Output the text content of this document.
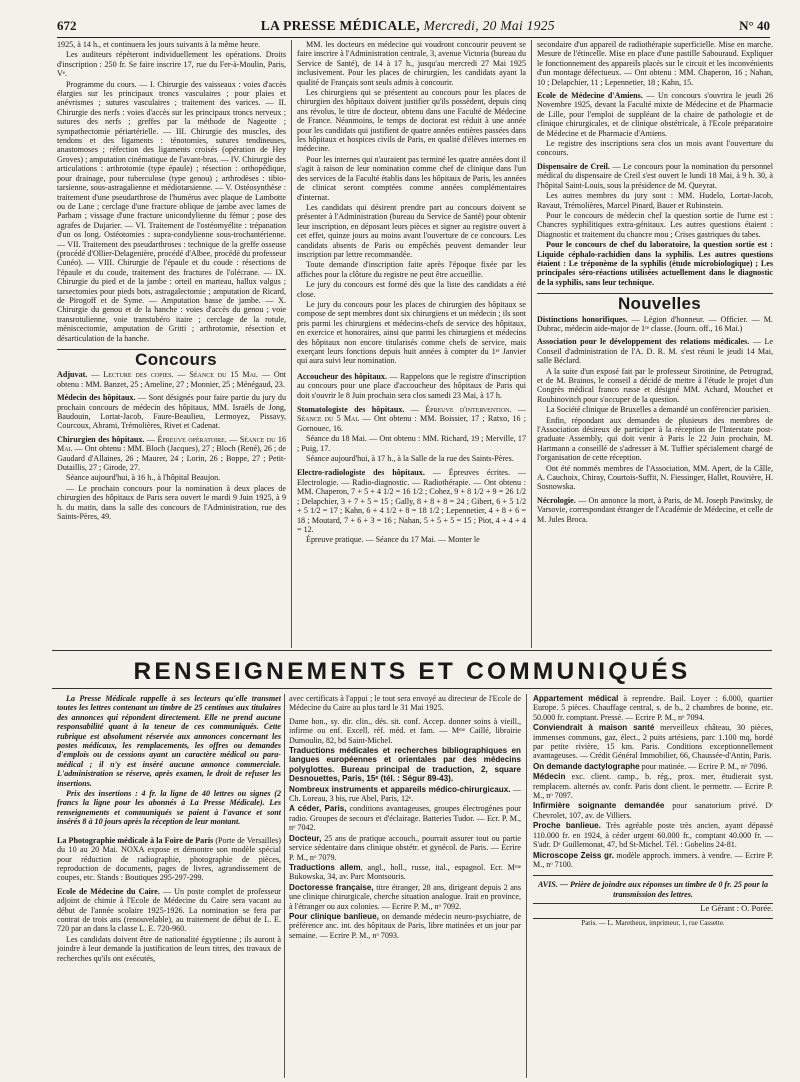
672	LA PRESSE MÉDICALE, Mercredi, 20 Mai 1925	N° 40

1925, à 14 h., et continuera les jours suivants à la même heure.

Les auditeurs répéteront individuellement les opérations. Droits d'inscription : 250 fr. Se faire inscrire 17, rue du Fer-à-Moulin, Paris, Vᵉ.

Programme du cours. — I. Chirurgie des vaisseaux : voies d'accès élargies sur les principaux troncs vasculaires ; pour plaies et anévrismes ; sutures vasculaires ; traitement des varices. — II. Chirurgie des nerfs : voies d'accès sur les principaux troncs nerveux ; sutures des nerfs ; greffes par la méthode de Nageotte ; sympathectomie périartérielle. — III. Chirurgie des muscles, des tendons et des ligaments : ténotomies, sutures tendineuses, anastomoses ; réfection des ligaments croisés (opération de Hey Groves) ; amputation cinématique de l'avant-bras. — IV. Chirurgie des articulations : arthrotomie (type épaule) ; résection : orthopédique, pour drainage, pour tuberculose (type genou) ; arthrodèses : tibio-tarsienne, sous-astragalienne et médiotarsienne. — V. Ostéosynthèse : traitement d'une pseudarthrose de l'humérus avec plaque de Lambotte ou de Lane ; cerclage d'une fracture oblique de jambe avec lames de Parham ; vissage d'une fracture unicondylienne du fémur ; pose des agrafes de Dujarier. — VI. Traitement de l'ostéomyélite : trépanation d'un os long. Ostéotomies : supra-condylienne sous-trochantérienne. — VII. Traitement des pseudarthroses : technique de la greffe osseuse (procédé d'Ollier-Delagenière, procédé d'Albee, procédé du professeur Cunéo). — VIII. Chirurgie de l'épaule et du coude : résections de l'épaule et du coude, traitement des fractures de l'olécrane. — IX. Chirurgie du pied et de la jambe : orteil en marteau, hallux valgus ; tarsectomies pour pieds bots, astragalectomie ; amputation de Ricard, de Pirogoff et de Syme. — Amputation basse de jambe. — X. Chirurgie du genou et de la hanche : voies d'accès du genou ; voie transrotulienne, voie transtubéro itaire ; cerclage de la rotule, méniscectomie, amputation de Gritti ; arthrotomie, résection et désarticulation de la hanche.

Concours

Adjuvat. — Lecture des copies. — Séance du 15 Mai. — Ont obtenu : MM. Banzet, 25 ; Ameline, 27 ; Monnier, 25 ; Ménégaud, 23.

Médecin des hôpitaux. — Sont désignés pour faire partie du jury du prochain concours de médecin des hôpitaux, MM. Israëls de Jong, Baudouin, Lortat-Jacob, Faure-Beaulieu, Lermoyez, Pissavy, Courcoux, Abrami, Trémolières, Rivet et Cadenat.

Chirurgien des hôpitaux. — Épreuve opératoire. — Séance du 16 Mai. — Ont obtenu : MM. Bloch (Jacques), 27 ; Bloch (René), 26 ; de Gaudard d'Allaines, 26 ; Maurer, 24 ; Lorin, 26 ; Boppe, 27 ; Petit-Dutaillis, 27 ; Girode, 27.

Séance aujourd'hui, à 16 h., à l'hôpital Beaujon.

— Le prochain concours pour la nomination à deux places de chirurgien des hôpitaux de Paris sera ouvert le mardi 9 Juin 1925, à 9 h. du matin, dans la salle des concours de l'Administration, rue des Saints-Pères, 49.

MM. les docteurs en médecine qui voudront concourir peuvent se faire inscrire à l'Administration centrale, 3, avenue Victoria (bureau du Service de Santé), de 14 à 17 h., jusqu'au mercredi 27 Mai 1925 inclusivement. Pour les places de chirurgien, les candidats ayant la qualité de Français sont seuls admis à concourir.

Les chirurgiens qui se présentent au concours pour les places de chirurgien des hôpitaux doivent justifier qu'ils possèdent, depuis cinq ans révolus, le titre de docteur, obtenu dans une Faculté de Médecine de France. Néanmoins, le temps de doctorat est réduit à une année pour les candidats qui justifient de quatre années entières passées dans les hôpitaux et hospices civils de Paris, en qualité d'élèves internes en médecine.

Pour les internes qui n'auraient pas terminé les quatre années dont il s'agit à raison de leur nomination comme chef de clinique dans l'un des services de la Faculté établis dans les hôpitaux de Paris, les années de clinicat seront comptées comme années complémentaires d'internat.

Les candidats qui désirent prendre part au concours doivent se présenter à l'Administration (bureau du Service de Santé) pour obtenir leur inscription, en déposant leurs pièces et signer au registre ouvert à cet effet, quinze jours au moins avant l'ouverture de ce concours. Les candidats absents de Paris ou empêchés peuvent demander leur inscription par lettre recommandée.

Toute demande d'inscription faite après l'époque fixée par les affiches pour la clôture du registre ne peut être accueillie.

Le jury du concours est formé dès que la liste des candidats a été close.

Le jury du concours pour les places de chirurgien des hôpitaux se compose de sept membres dont six chirurgiens et un médecin ; ils sont pris parmi les chirurgiens et médecins-chefs de service des hôpitaux, en exercice et honoraires, ainsi que parmi les chirurgiens et médecins des hôpitaux non encore titularisés comme chefs de service, mais exerçant leurs fonctions depuis huit années à compter du 1ᵉʳ Janvier qui aura suivi leur nomination.

Accoucheur des hôpitaux. — Rappelons que le registre d'inscription au concours pour une place d'accoucheur des hôpitaux de Paris qui doit s'ouvrir le 8 Juin prochain sera clos samedi 23 Mai, à 17 h.

Stomatologiste des hôpitaux. — Épreuve d'intervention. — Séance du 5 Mai. — Ont obtenu : MM. Boissier, 17 ; Ratxo, 16 ; Gornouec, 16.

Séance du 18 Mai. — Ont obtenu : MM. Richard, 19 ; Merville, 17 ; Puig, 17.

Séance aujourd'hui, à 17 h., à la Salle de la rue des Saints-Pères.

Electro-radiologiste des hôpitaux. — Épreuves écrites. — Electrologie. — Radio-diagnostic. — Radiothérapie. — Ont obtenu : MM. Chaperon, 7 + 5 + 4 1/2 = 16 1/2 ; Cohez, 9 + 8 1/2 + 9 = 26 1/2 ; Delapchier, 3 + 7 + 5 = 15 ; Gally, 8 + 8 + 8 = 24 ; Gibert, 6 + 5 1/2 + 5 1/2 = 17 ; Kahn, 6 + 4 1/2 + 8 = 18 1/2 ; Lepennetier, 4 + 8 + 6 = 18 ; Moutard, 7 + 6 + 3 = 16 ; Nahan, 5 + 5 + 5 = 15 ; Piot, 4 + 4 + 4 = 12.

Épreuve pratique. — Séance du 17 Mai. — Monter le

secondaire d'un appareil de radiothérapie superficielle. Mise en marche. Mesure de l'étincelle. Mise en place d'une pastille Sabouraud. Expliquer le fonctionnement des appareils placés sur le circuit et les inconvénients d'un montage défectueux. — Ont obtenu : MM. Chaperon, 16 ; Nahan, 10 ; Delapchier, 11 ; Lepennetier, 18 ; Kahn, 15.

Ecole de Médecine d'Amiens. — Un concours s'ouvrira le jeudi 26 Novembre 1925, devant la Faculté mixte de Médecine et de Pharmacie de Lille, pour l'emploi de suppléant de la chaire de pathologie et de clinique chirurgicales, et de clinique obstétricale, à l'Ecole préparatoire de Médecine et de Pharmacie d'Amiens.

Le registre des inscriptions sera clos un mois avant l'ouverture du concours.

Dispensaire de Creil. — Le concours pour la nomination du personnel médical du dispensaire de Creil s'est ouvert le lundi 18 Mai, à 9 h. 30, à l'hôpital Saint-Louis, sous la présidence de M. Queyrat.

Les autres membres du jury sont : MM. Hudelo, Lortat-Jacob, Ravaut, Trémolières, Marcel Pinard, Bauer et Rubinstein.

Pour le concours de médecin chef la question sortie de l'urne est : Chancres syphilitiques extra-génitaux. Les autres questions étaient : Diagnostic et traitement du chancre mou ; Crises gastriques du tabes.

Pour le concours de chef du laboratoire, la question sortie est : Liquide céphalo-rachidien dans la syphilis. Les autres questions étaient : Le tréponème de la syphilis (étude microbiologique) ; Les principales séro-réactions utilisées actuellement dans le diagnostic de la syphilis, sans leur technique.

Nouvelles

Distinctions honorifiques. — Légion d'honneur. — Officier. — M. Dubrac, médecin aide-major de 1ʳᵉ classe. (Journ. off., 16 Mai.)

Association pour le développement des relations médicales. — Le Conseil d'administration de l'A. D. R. M. s'est réuni le jeudi 14 Mai, salle Béclard.

A la suite d'un exposé fait par le professeur Sirotinine, de Petrograd, et de M. Brainos, le conseil a décidé de mettre à l'étude le projet d'un Congrès médical franco russe et désigné MM. Achard, Mouchet et Roubinovitch pour s'occuper de la question.

La Société clinique de Bruxelles a demandé un conférencier parisien.

Enfin, répondant aux demandes de plusieurs des membres de l'Association désireux de participer à la réception de l'Interstate post-graduate Assembly, qui doit venir à Paris le 22 Juin prochain, M. Hartmann a conseillé de s'adresser à M. Tuffier spécialement chargé de l'organisation de cette réception.

Ont été nommés membres de l'Association, MM. Apert, de la Câlle, A. Cauchoix, Chiray, Courtois-Suffit, N. Fiessinger, Hallet, Rouvière, H. Sosnowska.

Nécrologie. — On annonce la mort, à Paris, de M. Joseph Pawinsky, de Varsovie, correspondant étranger de l'Académie de Médecine, et celle de M. Jules Broca.

RENSEIGNEMENTS ET COMMUNIQUÉS

La Presse Médicale rappelle à ses lecteurs qu'elle transmet toutes les lettres contenant un timbre de 25 centimes aux titulaires des annonces qui répondent directement. Elle ne prend aucune responsabilité quant à la teneur de ces communiqués. Cette rubrique est absolument réservée aux annonces concernant les postes médicaux, les remplacements, les offres ou demandes d'emplois ou de cessions ayant un caractère médical ou para-médical ; il n'y est inséré aucune annonce commerciale. L'administration se réserve, après examen, le droit de refuser les insertions.

Prix des insertions : 4 fr. la ligne de 40 lettres ou signes (2 francs la ligne pour les abonnés à La Presse Médicale). Les renseignements et communiqués se paient à l'avance et sont insérés 8 à 10 jours après la réception de leur montant.

La Photographie médicale à la Foire de Paris (Porte de Versailles) du 10 au 20 Mai. NOXA expose et démontre son modèle spécial pour réduction de radiographie, photographie de pièces, reproduction de documents, pages de livres, agrandissement de coupes, etc. Stands : Boutiques 295-297-299.

Ecole de Médecine du Caire. — Un poste complet de professeur adjoint de chimie à l'Ecole de Médecine du Caire sera vacant au début de l'année scolaire 1925-1926. La nomination se fera par contrat de trois ans (renouvelable), au traitement de début de L. E. 720 par an dans la classe L. E. 720-960.

Les candidats doivent être de nationalité égyptienne ; ils auront à joindre à leur demande la justification de leurs titres, des travaux de recherches qu'ils ont exécutés,

avec certificats à l'appui ; le tout sera envoyé au directeur de l'Ecole de Médecine du Caire au plus tard le 31 Mai 1925.

Dame hon., sy. dir. clin., dés. sit. conf. Accep. donner soins à vieill., infirme ou enf. Excell. réf. méd. et fam. — Mᵐᵉ Caillé, librairie Dumoulin, 82, bd Saint-Michel.

Traductions médicales et recherches bibliographiques en langues européennes et orientales par des médecins polyglottes. Bureau principal de traduction, 2, square Desnouettes, Paris, 15ᵉ (tél. : Ségur 89-43).

Nombreux instruments et appareils médico-chirurgicaux. — Ch. Loreau, 3 bis, rue Abel, Paris, 12ᵉ.

A céder, Paris, conditions avantageuses, groupes électrogènes pour radio. Groupes de secours et d'éclairage. Batteries Tudor. — Ecr. P. M., nᵒ 7042.

Docteur, 25 ans de pratique accouch., pourrait assurer tout ou partie service sédentaire dans clinique obstétr. et gynécol. de Paris. — Ecrire P. M., nᵒ 7079.

Traductions allem, angl., holl., russe, ital., espagnol. Ecr. Mᵐᵉ Bukowska, 34, av. Parc Montsouris.

Doctoresse française, titre étranger, 28 ans, dirigeant depuis 2 ans une clinique chirurgicale, cherche situation analogue. Irait en province, à l'étranger ou aux colonies. — Ecrire P. M., nᵒ 7092.

Pour clinique banlieue, on demande médecin neuro-psychiatre, de préférence anc. int. des hôpitaux de Paris, libre matinées et un jour par semaine. — Ecrire P. M., nᵒ 7093.

Appartement médical à reprendre. Bail. Loyer : 6.000, quartier Europe. 5 pièces. Chauffage central, s. de b., 2 chambres de bonne, etc. 50.000 fr. comptant. Pressé. — Ecrire P. M., nᵒ 7094.

Conviendrait à maison santé merveilleux château, 30 pièces, immenses communs, gaz, élect., 2 puits artésiens, parc 1.100 mq, bordé par petite rivière, 15 km. Paris. Conditions exceptionnellement avantageuses. — Crédit Général Immobilier, 66, Chaussée-d'Antin, Paris.

On demande dactylographe pour matinée. — Ecrire P. M., nᵒ 7096.

Médecin exc. client. camp., b. rég., prox. mer, étudierait syst. remplacem. alternés av. confr. Paris dont client. le permettr. — Ecrire P. M., nᵒ 7097.

Infirmière soignante demandée pour sanatorium privé. Dʳ Chevrolet, 107, av. de Villiers.

Proche banlieue. Très agréable poste très ancien, ayant dépassé 110.000 fr. en 1924, à céder urgent 60.000 fr., comptant 40.000 fr. — S'adr. Dʳ Guillemonat, 47, bd St-Michel. Tél. : Gobelins 24-81.

Microscope Zeiss gr. modèle approch. immers. à vendre. — Ecrire P. M., nᵒ 7100.

AVIS. — Prière de joindre aux réponses un timbre de 0 fr. 25 pour la transmission des lettres.

Le Gérant : O. Porée.

Paris. — L. Maretheux, imprimeur, 1, rue Cassette.
